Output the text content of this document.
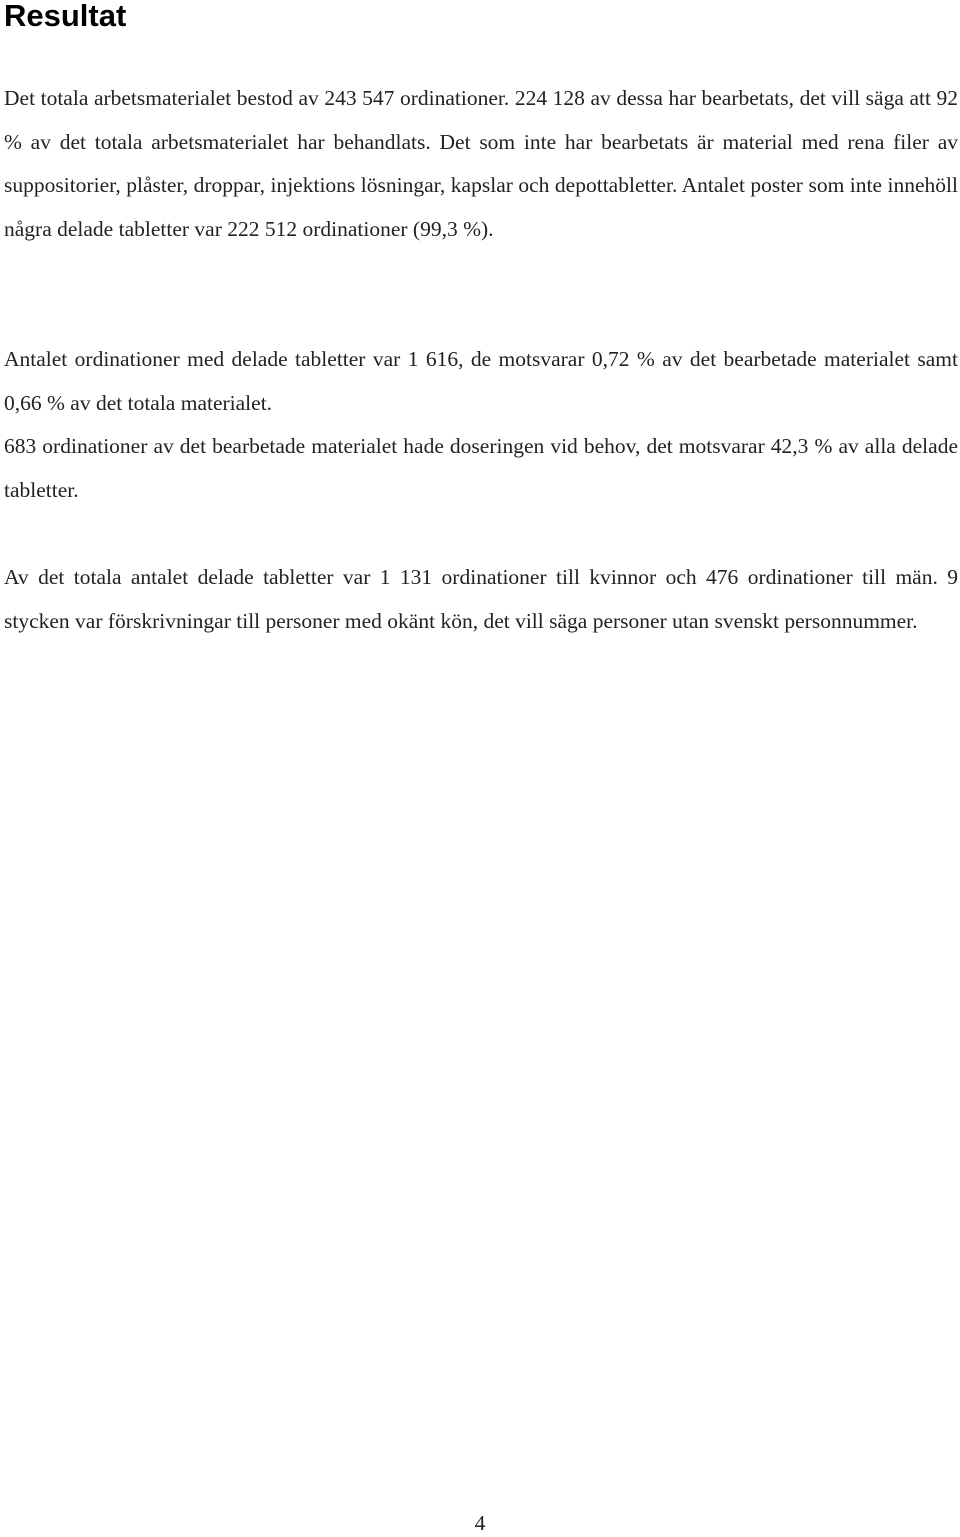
Resultat

Det totala arbetsmaterialet bestod av 243 547 ordinationer. 224 128 av dessa har bearbetats, det vill säga att 92 % av det totala arbetsmaterialet har behandlats. Det som inte har bearbetats är material med rena filer av suppositorier, plåster, droppar, injektions lösningar, kapslar och depottabletter. Antalet poster som inte innehöll några delade tabletter var 222 512 ordinationer (99,3 %).

Antalet ordinationer med delade tabletter var 1 616, de motsvarar 0,72 % av det bearbetade materialet samt 0,66 % av det totala materialet.

683 ordinationer av det bearbetade materialet hade doseringen vid behov, det motsvarar 42,3 % av alla delade tabletter.

Av det totala antalet delade tabletter var 1 131 ordinationer till kvinnor och 476 ordinationer till män. 9 stycken var förskrivningar till personer med okänt kön, det vill säga personer utan svenskt personnummer.

4
